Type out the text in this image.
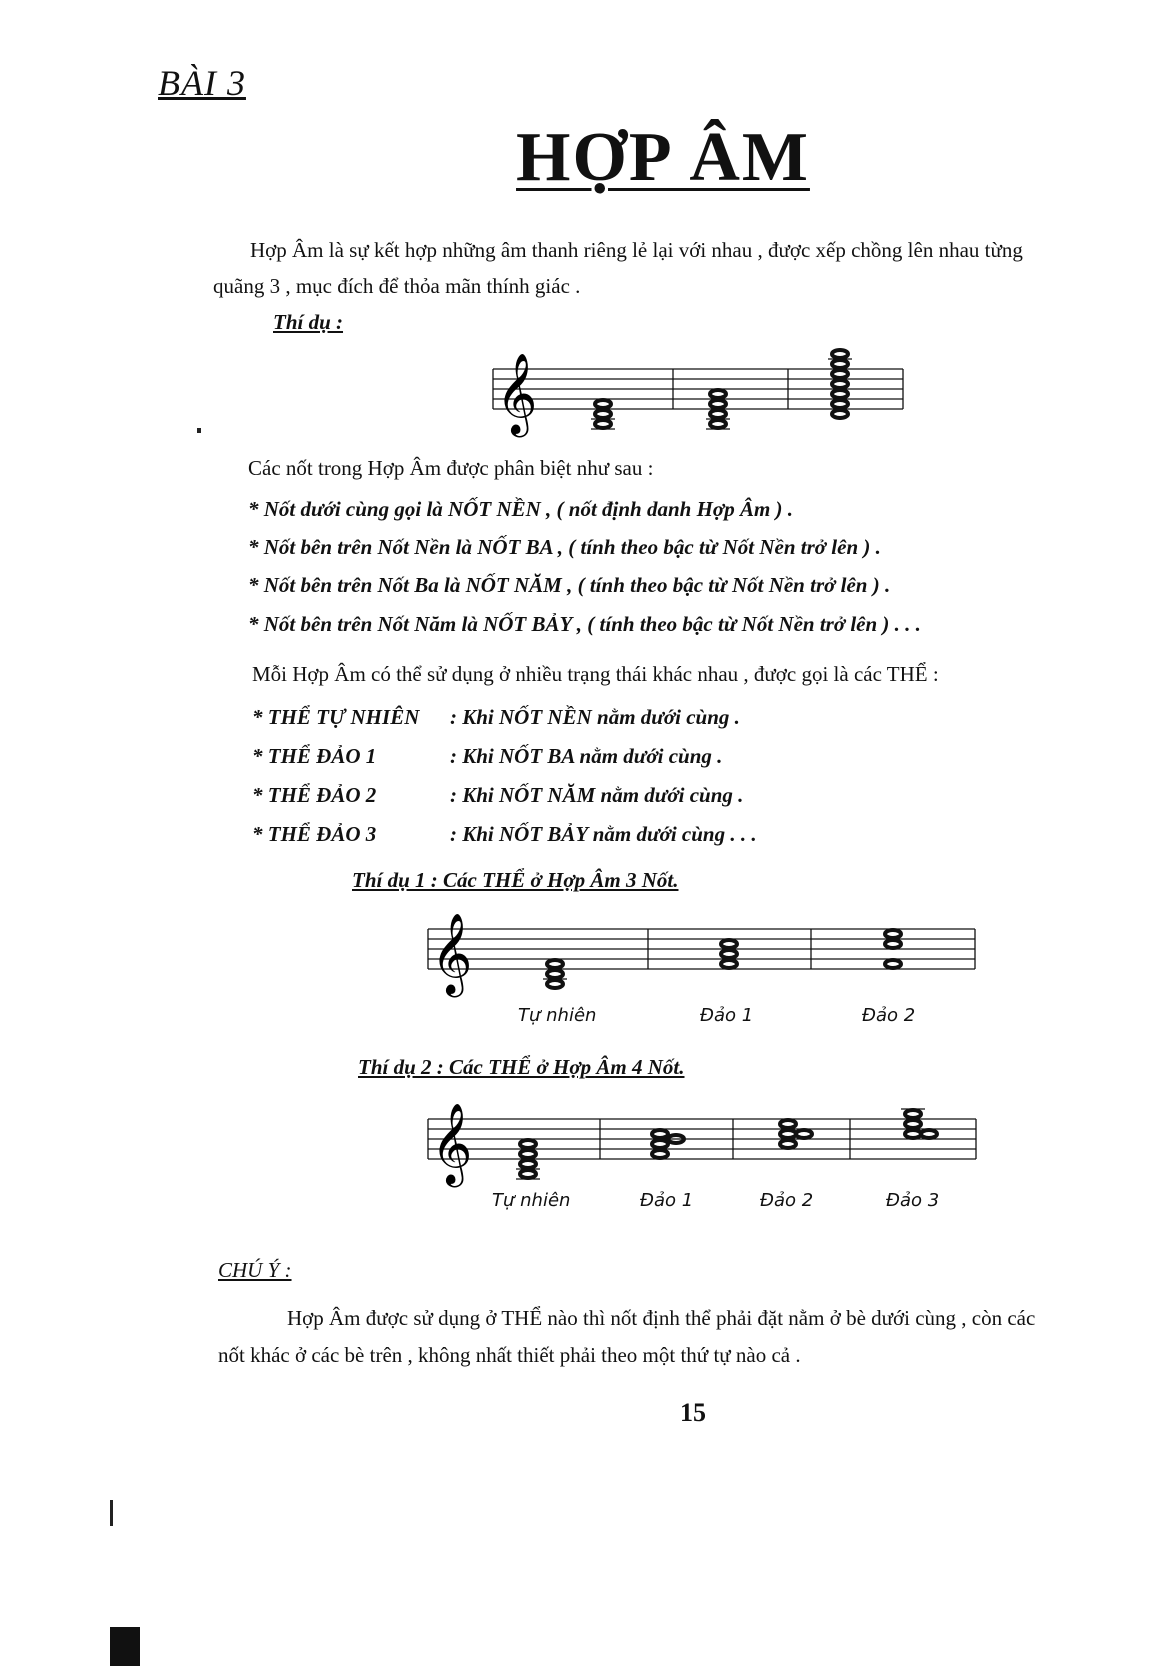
BÀI 3
HỢP ÂM
Hợp Âm là sự kết hợp những âm thanh riêng lẻ lại với nhau , được xếp chồng lên nhau từng
quãng 3 , mục đích để thỏa mãn thính giác .
Thí dụ :
𝄞
Các nốt trong Hợp Âm được phân biệt như sau :
* Nốt dưới cùng gọi là NỐT NỀN , ( nốt định danh Hợp Âm ) .
* Nốt bên trên Nốt Nền là NỐT BA , ( tính theo bậc từ Nốt Nền trở lên ) .
* Nốt bên trên Nốt Ba là NỐT NĂM , ( tính theo bậc từ Nốt Nền trở lên ) .
* Nốt bên trên Nốt Năm là NỐT BẢY , ( tính theo bậc từ Nốt Nền trở lên ) . . .
Mỗi Hợp Âm có thể sử dụng ở nhiều trạng thái khác nhau , được gọi là các THỂ :
* THỂ TỰ NHIÊN : Khi NỐT NỀN nằm dưới cùng .
* THỂ ĐẢO 1	: Khi NỐT BA nằm dưới cùng .
* THỂ ĐẢO 2	: Khi NỐT NĂM nằm dưới cùng .
* THỂ ĐẢO 3	: Khi NỐT BẢY nằm dưới cùng . . .
Thí dụ 1 : Các THỂ ở Hợp Âm 3 Nốt.
𝄞
Tự nhiên	Đảo 1	Đảo 2
Thí dụ 2 : Các THỂ ở Hợp Âm 4 Nốt.
𝄞
Tự nhiên	Đảo 1	Đảo 2	Đảo 3
CHÚ Ý :
Hợp Âm được sử dụng ở THỂ nào thì nốt định thể phải đặt nằm ở bè dưới cùng , còn các
nốt khác ở các bè trên , không nhất thiết phải theo một thứ tự nào cả .
15
